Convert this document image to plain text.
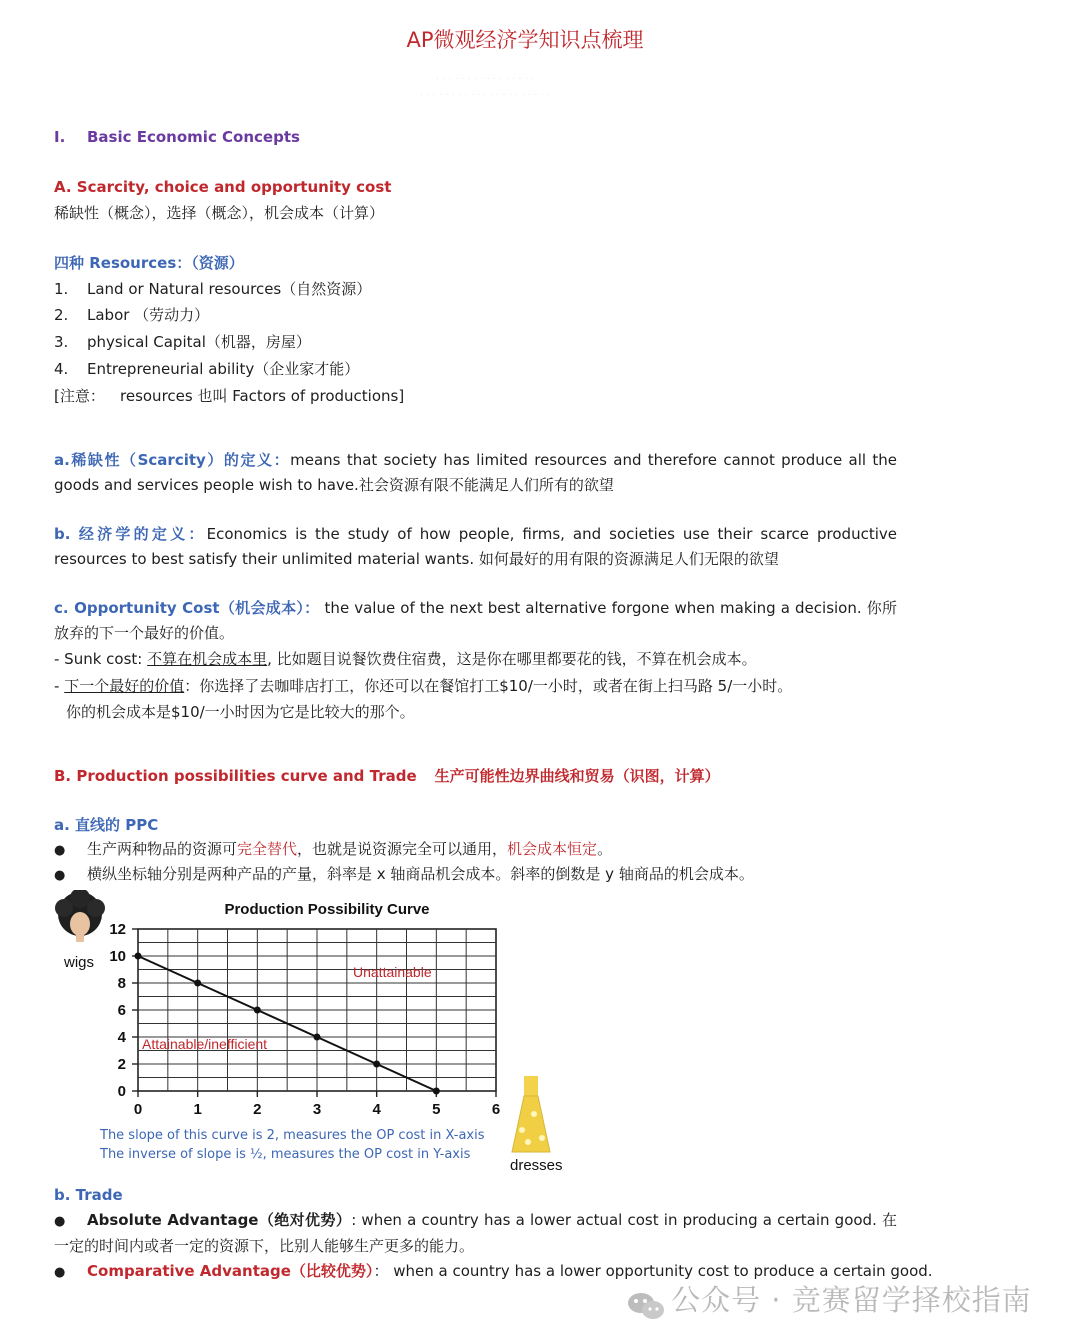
AP微观经济学知识点梳理
· · · · · · · · · · · · · · · ·
· · · · · · · · · · · · · · · · · · · · ·
I. Basic Economic Concepts
A. Scarcity, choice and opportunity cost
稀缺性（概念），选择（概念），机会成本（计算）
四种 Resources：（资源）
1. Land or Natural resources（自然资源）
2. Labor （劳动力）
3. physical Capital（机器，房屋）
4. Entrepreneurial ability（企业家才能）
[注意： resources 也叫 Factors of productions]
a.稀缺性（Scarcity）的定义：means that society has limited resources and therefore cannot produce all the goods and services people wish to have.社会资源有限不能满足人们所有的欲望
b. 经济学的定义：Economics is the study of how people, firms, and societies use their scarce productive resources to best satisfy their unlimited material wants. 如何最好的用有限的资源满足人们无限的欲望
c. Opportunity Cost（机会成本）： the value of the next best alternative forgone when making a decision. 你所放弃的下一个最好的价值。
- Sunk cost: 不算在机会成本里, 比如题目说餐饮费住宿费，这是你在哪里都要花的钱，不算在机会成本。
- 下一个最好的价值：你选择了去咖啡店打工，你还可以在餐馆打工$10/一小时，或者在街上扫马路 5/一小时。
你的机会成本是$10/一小时因为它是比较大的那个。
B. Production possibilities curve and Trade 生产可能性边界曲线和贸易（识图，计算）
a. 直线的 PPC
● 生产两种物品的资源可完全替代，也就是说资源完全可以通用，机会成本恒定。
● 横纵坐标轴分别是两种产品的产量，斜率是 x 轴商品机会成本。斜率的倒数是 y 轴商品的机会成本。
Production Possibility Curve
wigs
dresses
0	1	2	3	4	5	6
0
2
4
6
8
10
12
Unattainable
Attainable/inefficient
The slope of this curve is 2, measures the OP cost in X-axis
The inverse of slope is ½, measures the OP cost in Y-axis
b. Trade
● Absolute Advantage（绝对优势）: when a country has a lower actual cost in producing a certain good. 在一定的时间内或者一定的资源下，比别人能够生产更多的能力。
● Comparative Advantage（比较优势）： when a country has a lower opportunity cost to produce a certain good.
公众号 · 竞赛留学择校指南
